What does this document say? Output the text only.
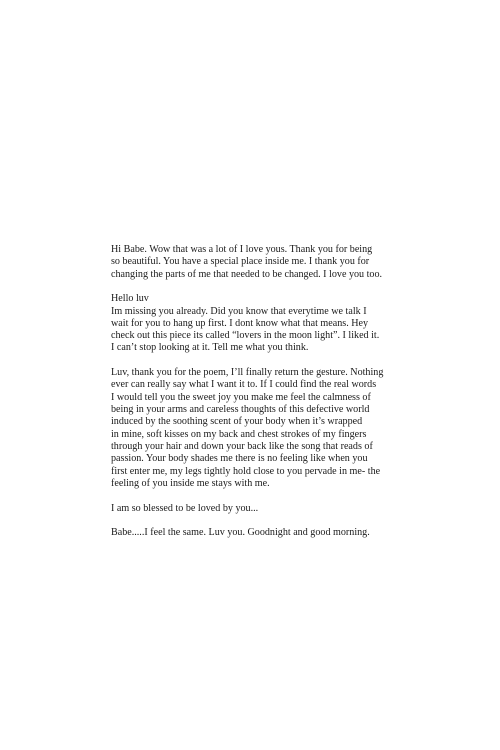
Hi Babe. Wow that was a lot of I love yous. Thank you for being
so beautiful. You have a special place inside me. I thank you for
changing the parts of me that needed to be changed. I love you too.

Hello luv
Im missing you already. Did you know that everytime we talk I
wait for you to hang up first. I dont know what that means. Hey
check out this piece its called “lovers in the moon light”. I liked it.
I can’t stop looking at it. Tell me what you think.

Luv, thank you for the poem, I’ll finally return the gesture. Nothing
ever can really say what I want it to. If I could find the real words
I would tell you the sweet joy you make me feel the calmness of
being in your arms and careless thoughts of this defective world
induced by the soothing scent of your body when it’s wrapped
in mine, soft kisses on my back and chest strokes of my fingers
through your hair and down your back like the song that reads of
passion. Your body shades me there is no feeling like when you
first enter me, my legs tightly hold close to you pervade in me- the
feeling of you inside me stays with me.

I am so blessed to be loved by you...

Babe.....I feel the same. Luv you. Goodnight and good morning.
